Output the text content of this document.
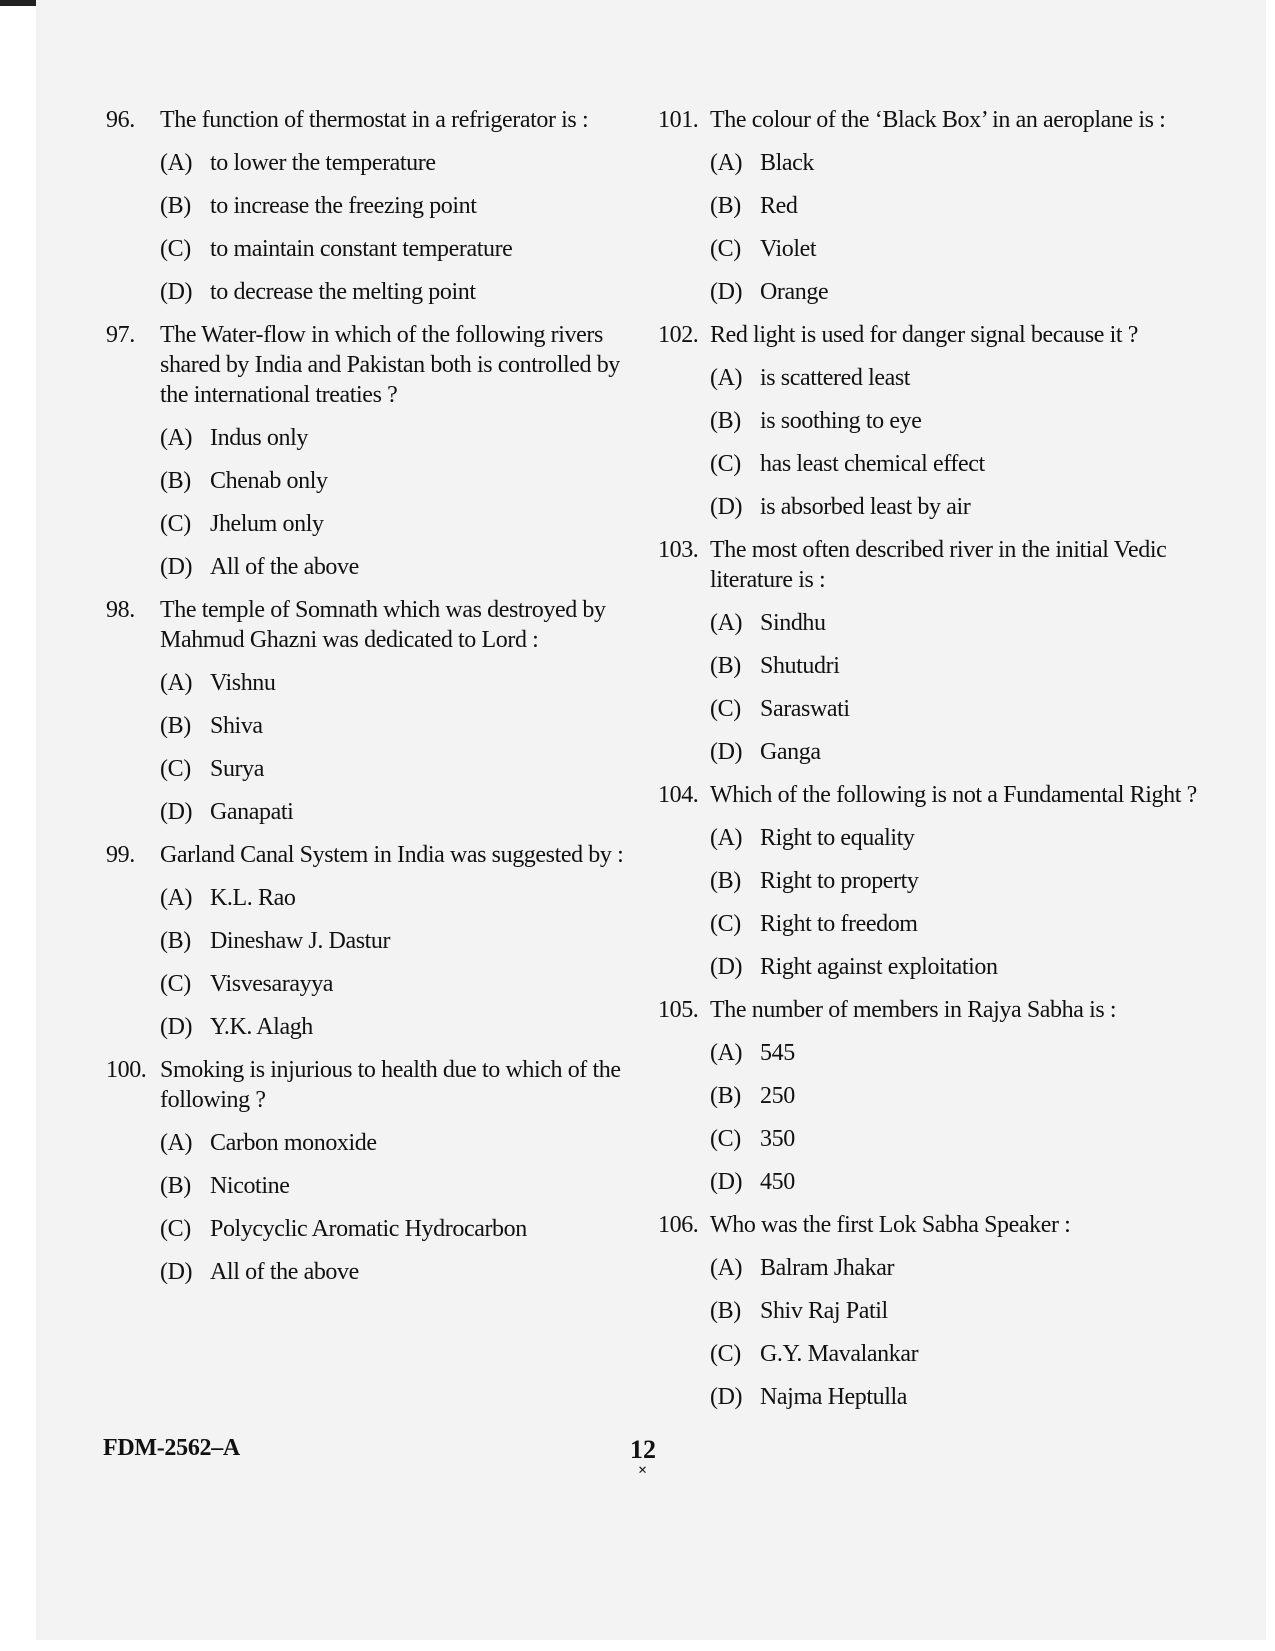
96.	The function of thermostat in a refrigerator is :
(A) to lower the temperature
(B) to increase the freezing point
(C) to maintain constant temperature
(D) to decrease the melting point
97.	The Water-flow in which of the following rivers shared by India and Pakistan both is controlled by the international treaties ?
(A) Indus only
(B) Chenab only
(C) Jhelum only
(D) All of the above
98.	The temple of Somnath which was destroyed by Mahmud Ghazni was dedicated to Lord :
(A) Vishnu
(B) Shiva
(C) Surya
(D) Ganapati
99.	Garland Canal System in India was suggested by :
(A) K.L. Rao
(B) Dineshaw J. Dastur
(C) Visvesarayya
(D) Y.K. Alagh
100. Smoking is injurious to health due to which of the following ?
(A) Carbon monoxide
(B) Nicotine
(C) Polycyclic Aromatic Hydrocarbon
(D) All of the above
101. The colour of the ‘Black Box’ in an aeroplane is :
(A) Black
(B) Red
(C) Violet
(D) Orange
102. Red light is used for danger signal because it ?
(A) is scattered least
(B) is soothing to eye
(C) has least chemical effect
(D) is absorbed least by air
103. The most often described river in the initial Vedic literature is :
(A) Sindhu
(B) Shutudri
(C) Saraswati
(D) Ganga
104. Which of the following is not a Fundamental Right ?
(A) Right to equality
(B) Right to property
(C) Right to freedom
(D) Right against exploitation
105. The number of members in Rajya Sabha is :
(A) 545
(B) 250
(C) 350
(D) 450
106. Who was the first Lok Sabha Speaker :
(A) Balram Jhakar
(B) Shiv Raj Patil
(C) G.Y. Mavalankar
(D) Najma Heptulla
FDM-2562–A	12
×
